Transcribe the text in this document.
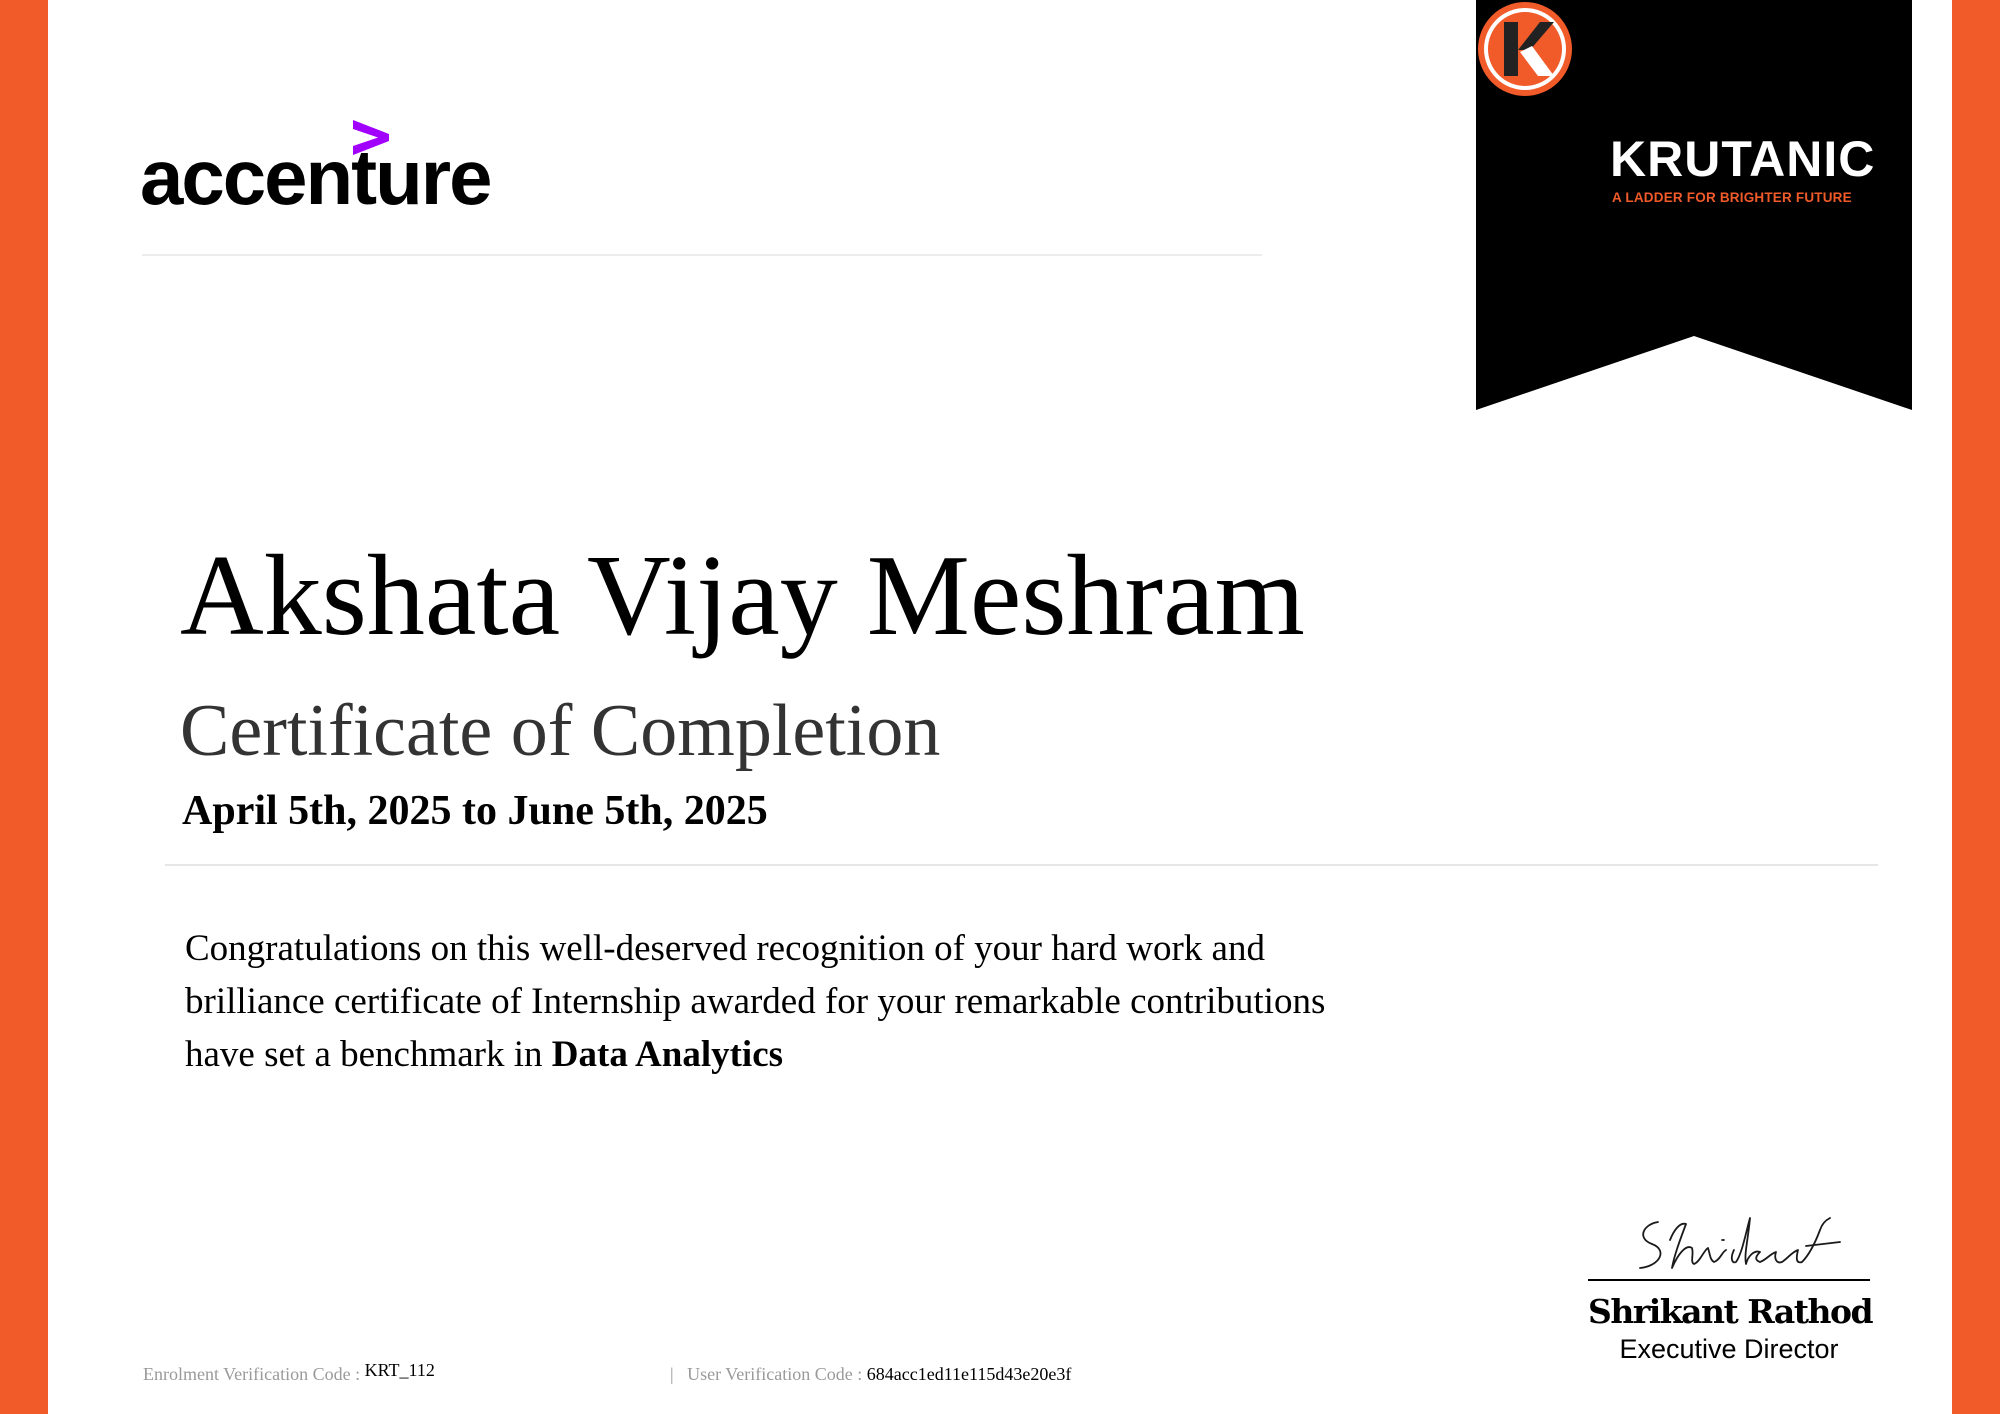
accenture	KRUTANIC
A LADDER FOR BRIGHTER FUTURE
Akshata Vijay Meshram
Certificate of Completion
April 5th, 2025 to June 5th, 2025
Congratulations on this well-deserved recognition of your hard work and
brilliance certificate of Internship awarded for your remarkable contributions
have set a benchmark in Data Analytics
Shrikant Rathod
Executive Director
Enrolment Verification Code : KRT_112	| User Verification Code : 684acc1ed11e115d43e20e3f
